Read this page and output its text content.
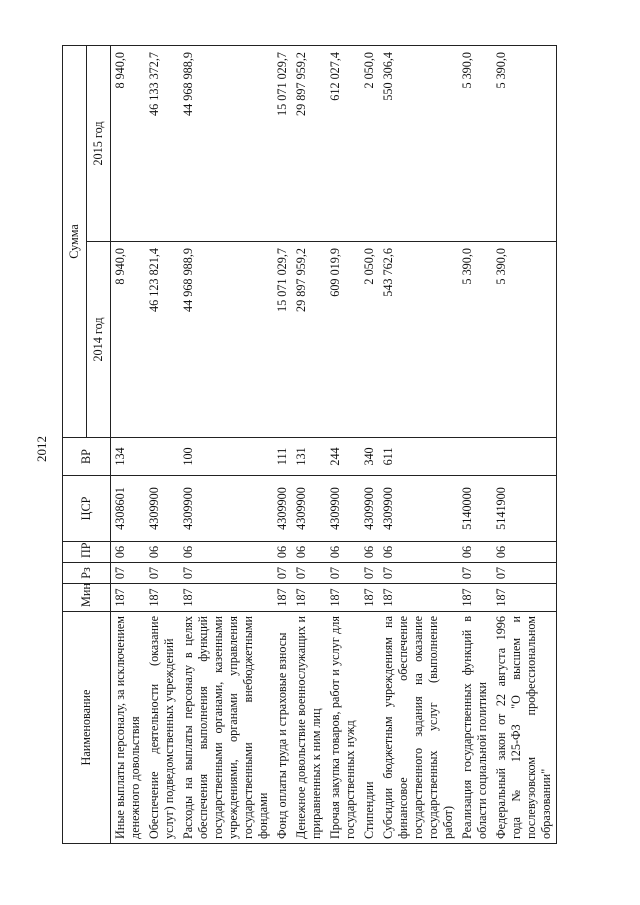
2012
Наименование	Мин	Рз	ПР	ЦСР	ВР	Сумма	
						2014 год	2015 год
Иные выплаты персоналу, за исключением денежного довольствия	187	07	06	4308601	134	8 940,0	8 940,0
Обеспечение деятельности (оказание услуг) подведомственных учреждений	187	07	06	4309900		46 123 821,4	46 133 372,7
Расходы на выплаты персоналу в целях обеспечения выполнения функций государственными органами, казенными учреждениями, органами управления государственными внебюджетными фондами	187	07	06	4309900	100	44 968 988,9	44 968 988,9
Фонд оплаты труда и страховые взносы	187	07	06	4309900	111	15 071 029,7	15 071 029,7
Денежное довольствие военнослужащих и приравненных к ним лиц	187	07	06	4309900	131	29 897 959,2	29 897 959,2
Прочая закупка товаров, работ и услуг для государственных нужд	187	07	06	4309900	244	609 019,9	612 027,4
Стипендии	187	07	06	4309900	340	2 050,0	2 050,0
Субсидии бюджетным учреждениям на финансовое обеспечение государственного задания на оказание государственных услуг (выполнение работ)	187	07	06	4309900	611	543 762,6	550 306,4
Реализация государственных функций в области социальной политики	187	07	06	5140000		5 390,0	5 390,0
Федеральный закон от 22 августа 1996 года № 125-ФЗ "О высшем и послевузовском профессиональном образовании"	187	07	06	5141900		5 390,0	5 390,0
